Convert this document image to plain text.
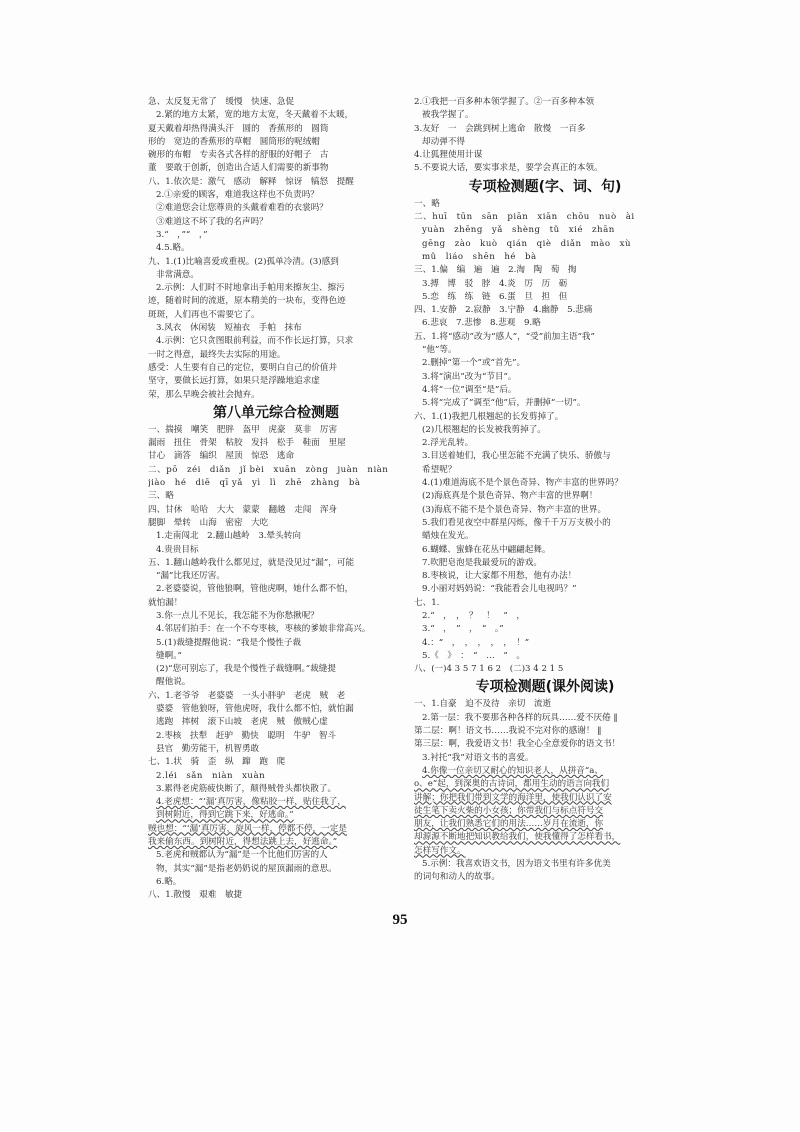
急、太反复无常了　缓慢　快速、急促
2.紧的地方太紧，宽的地方太宽，冬天戴着不太暖，
夏天戴着却热得满头汗　圆的　香蕉形的　圆筒
形的　宽边的香蕉形的草帽　圆筒形的呢绒帽
碗形的布帽　专卖各式各样的舒服的好帽子　古
董　要敢于创新，创造出合适人们需要的新事物
八、1.依次是：激气　感动　解释　惊讶　犒怒　提醒
2.①亲爱的顾客，难道我这样也不负责吗？
②难道您会让您尊贵的头戴着难看的衣裳吗？
③难道这不坏了我的名声吗？
3.“　，”“　，”
4.5.略。
九、1.(1)比喻喜爱或重视。(2)孤单冷清。(3)感到
非常满意。
2.示例：人们时不时地拿出手帕用来擦灰尘、擦污
迹，随着时间的流逝，原本精美的一块布，变得色迹
斑斑，人们再也不需要它了。
3.风衣　休闲装　短袖衣　手帕　抹布
4.示例：它只贪图眼前利益，而不作长远打算，只求
一时之得意，最终失去实际的用途。
感受：人生要有自己的定位，要明白自己的价值并
坚守，要做长远打算，如果只是浮躁地追求虚
荣，那么早晚会被社会抛弃。
第八单元综合检测题
一、揣摸　嘲笑　肥胖　盔甲　虎豪　莫非　厉害
漏雨　扭住　骨架　粘胶　发抖　松手　鞋面　里屋
甘心　滴答　编织　屋顶　惊恐　逃命
二、pō　zéi　diǎn　jǐ bèi　xuān　zòng　juàn　niàn
jiào　hé　diē　qī yǎ　yì　lì　zhē　zhàng　bà
三、略
四、甘休　哈哈　大大　蒙蒙　翻越　走闯　浑身
腿脚　晕转　山海　密密　大吃
1.走南闯北　2.翻山越岭　3.晕头转向
4.贵贵目标
五、1.翻山越岭我什么都见过，就是没见过“漏”，可能
“漏”比我还厉害。
2.老婆婆说，管他狼啊，管他虎啊，她什么都不怕，
就怕漏！
3.你一点儿不见长，我怎能不为你愁揪呢？
4.邻居们拍手：在一个不夸枣核，枣核的爹娘非常高兴。
5.(1)裁缝提醒他说：“我是个慢性子裁
缝啊。”
(2)“您可别忘了，我是个慢性子裁缝啊。”裁缝提
醒他说。
六、1.老爷爷　老婆婆　一头小胖驴　老虎　贼　老
婆婆　管他狼呀，管他虎呀，我什么都不怕，就怕漏
逃跑　摔树　滚下山坡　老虎　贼　傲贼心虚
2.枣核　扶犁　赶驴　勤快　聪明　牛驴　智斗
县官　勤劳能干，机智勇敢
七、1.状　骑　歪　纵　蹿　跑　爬
2.léi　sǎn　niàn　xuàn
3.累得老虎筋疲快断了，颠得贼骨头都快散了。
4.老虎想：“‘漏’真厉害，像粘胶一样，贴住我了，
到树附近，得到它跳下来，好逃命。”
贼也想：“‘漏’真厉害，旋风一样，停都不停，一定是
我来偷东西。到树附近，得想法跳上去，好逃命。”
5.老虎和贼都认为“漏”是一个比他们厉害的人
物，其实“漏”是指老奶奶说的屋顶漏雨的意思。
6.略。
八、1.散慢　艰难　敏捷
2.①我把一百多种本领学握了。②一百多种本领
被我学握了。
3.友好　一　会跳到树上逃命　散慢　一百多
却动弹不得
4.让狐狸使用计谋
5.不要说大话，要实事求是，要学会真正的本领。
专项检测题(字、词、句)
一、略
二、huī　tūn　sān　piān　xiān　chōu　nuò　ài
yuàn　zhēng　yǎ　shèng　tǔ　xié　zhān
gēng　zào　kuò　qián　qiè　diǎn　mào　xù
mǔ　liáo　shēn　hé　bà
三、1.偏　编　遍　遍　2.淘　陶　萄　掏
3.搏　博　驳　脖　4.炎　厉　历　砺
5.恋　练　练　链　6.蛋　旦　担　但
四、1.安静　2.寂静　3.宁静　4.幽静　5.悲痛
6.悲哀　7.悲惨　8.悲观　9.略
五、1.将“感动”改为“感人”，“受”前加主语“我”
“他”等。
2.删掉“第一个”或“首先”。
3.将“演出”改为“节目”。
4.将“一位”调至“是”后。
5.将“完成了”调至“他”后，并删掉“一切”。
六、1.(1)我把几根翘起的长发剪掉了。
(2)几根翘起的长发被我剪掉了。
2.浮光乱转。
3.目送着她们，我心里怎能不充满了快乐、骄傲与
希望呢？
4.(1)难道海底不是个景色奇异、物产丰富的世界吗？
(2)海底真是个景色奇异、物产丰富的世界啊！
(3)海底不能不是个景色奇异、物产丰富的世界。
5.我们看见夜空中群星闪烁，像千千万万支极小的
蜡烛在发光。
6.蝴蝶、蜜蜂在花丛中翩翩起舞。
7.吹肥皂泡是我最爱玩的游戏。
8.枣核说，让大家都不用愁，他有办法！
9.小丽对妈妈说：“我能看会儿电视吗？”
七、1.
2.“　，　，　？　！　”　，
3.“　，　”　，　“　。”
4.：“　，　，　，　，　，　！”
5.《　》　：　“　…　”　。
八、(一)4 3 5 7 1 6 2　(二)3 4 2 1 5
专项检测题(课外阅读)
一、1.自豪　迫不及待　亲切　流逝
2.第一层：我不要那各种各样的玩具……爱不厌倦 ‖
第二层：啊！语文书……我说不完对你的感谢！ ‖
第三层：啊，我爱语文书！我全心全意爱你的语文书！
3.衬托“我”对语文书的喜爱。
4.你像一位亲切又耐心的知识老人，从拼音“a、
o、e”起，到深奥的古诗词，都用生动的语言向我们
讲解；你把我们带到文学的海洋里，使我们认识了安
徒生笔下卖火柴的小女孩；你带我们与标点符号交
朋友，让我们熟悉它们的用法……岁月在流逝，你
却源源不断地把知识教给我们，使我懂得了怎样看书，
怎样写作文。
5.示例：我喜欢语文书，因为语文书里有许多优美
的词句和动人的故事。
95
